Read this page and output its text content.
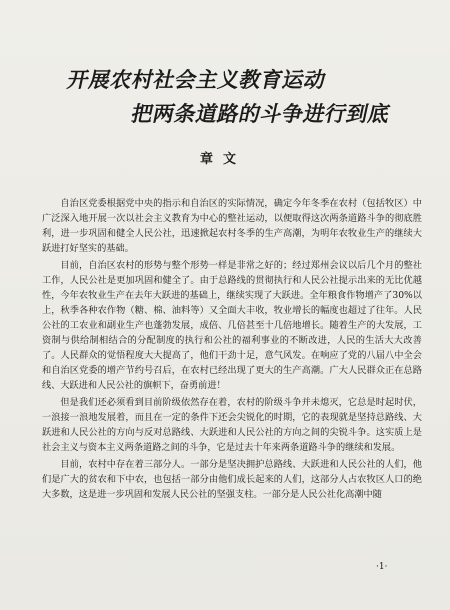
开展农村社会主义教育运动
把两条道路的斗争进行到底
章文

自治区党委根据党中央的指示和自治区的实际情况，确定今年冬季在农村（包括牧区）中广泛深入地开展一次以社会主义教育为中心的整社运动，以便取得这次两条道路斗争的彻底胜利，进一步巩固和健全人民公社，迅速掀起农村冬季的生产高潮，为明年农牧业生产的继续大跃进打好坚实的基础。

目前，自治区农村的形势与整个形势一样是非常之好的；经过郑州会议以后几个月的整社工作，人民公社是更加巩固和健全了。由于总路线的贯彻执行和人民公社提示出来的无比优越性，今年农牧业生产在去年大跃进的基础上，继续实现了大跃进。全年粮食作物增产了30%以上，秋季各种农作物（糖、棉、油料等）又全面大丰收，牧业增长的幅度也超过了往年。人民公社的工农业和副业生产也蓬勃发展，成倍、几倍甚至十几倍地增长。随着生产的大发展，工资制与供给制相结合的分配制度的执行和公社的福利事业的不断改进，人民的生活大大改善了。人民群众的觉悟程度大大提高了，他们干劲十足，意气风发。在响应了党的八届八中全会和自治区党委的增产节约号召后，在农村已经出现了更大的生产高潮。广大人民群众正在总路线、大跃进和人民公社的旗帜下，奋勇前进！

但是我们还必须看到目前阶级依然存在着，农村的阶级斗争并未熄灭，它总是时起时伏，一浪接一浪地发展着，而且在一定的条件下还会尖锐化的时期，它的表现就是坚持总路线、大跃进和人民公社的方向与反对总路线、大跃进和人民公社的方向之间的尖锐斗争。这实质上是社会主义与资本主义两条道路之间的斗争，它是过去十年来两条道路斗争的继续和发展。

目前，农村中存在着三部分人。一部分是坚决拥护总路线、大跃进和人民公社的人们，他们是广大的贫农和下中农，也包括一部分由他们成长起来的人们，这部分人占农牧区人口的绝大多数，这是进一步巩固和发展人民公社的坚强支柱。一部分是人民公社化高潮中随

·1·
